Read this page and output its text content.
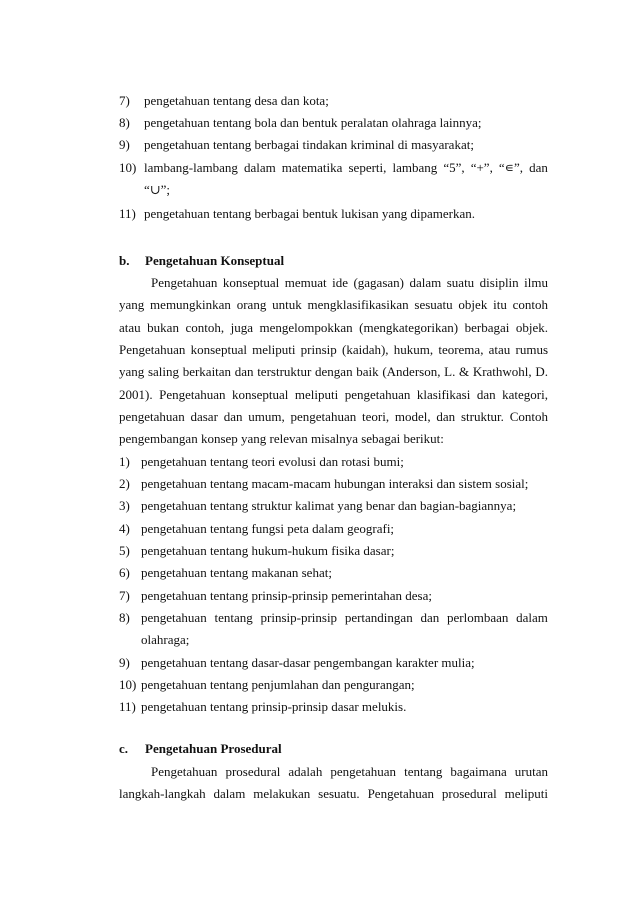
7) pengetahuan tentang desa dan kota;
8) pengetahuan tentang bola dan bentuk peralatan olahraga lainnya;
9) pengetahuan tentang berbagai tindakan kriminal di masyarakat;
10) lambang-lambang dalam matematika seperti, lambang “5”, “+”, “∊”, dan
“∪”;
11) pengetahuan tentang berbagai bentuk lukisan yang dipamerkan.
b. Pengetahuan Konseptual
Pengetahuan konseptual memuat ide (gagasan) dalam suatu disiplin ilmu
yang memungkinkan orang untuk mengklasifikasikan sesuatu objek itu contoh
atau bukan contoh, juga mengelompokkan (mengkategorikan) berbagai objek.
Pengetahuan konseptual meliputi prinsip (kaidah), hukum, teorema, atau rumus
yang saling berkaitan dan terstruktur dengan baik (Anderson, L. & Krathwohl, D.
2001). Pengetahuan konseptual meliputi pengetahuan klasifikasi dan kategori,
pengetahuan dasar dan umum, pengetahuan teori, model, dan struktur. Contoh
pengembangan konsep yang relevan misalnya sebagai berikut:
1) pengetahuan tentang teori evolusi dan rotasi bumi;
2) pengetahuan tentang macam-macam hubungan interaksi dan sistem sosial;
3) pengetahuan tentang struktur kalimat yang benar dan bagian-bagiannya;
4) pengetahuan tentang fungsi peta dalam geografi;
5) pengetahuan tentang hukum-hukum fisika dasar;
6) pengetahuan tentang makanan sehat;
7) pengetahuan tentang prinsip-prinsip pemerintahan desa;
8) pengetahuan tentang prinsip-prinsip pertandingan dan perlombaan dalam
olahraga;
9) pengetahuan tentang dasar-dasar pengembangan karakter mulia;
10) pengetahuan tentang penjumlahan dan pengurangan;
11) pengetahuan tentang prinsip-prinsip dasar melukis.
c. Pengetahuan Prosedural
Pengetahuan prosedural adalah pengetahuan tentang bagaimana urutan
langkah-langkah dalam melakukan sesuatu. Pengetahuan prosedural meliputi
